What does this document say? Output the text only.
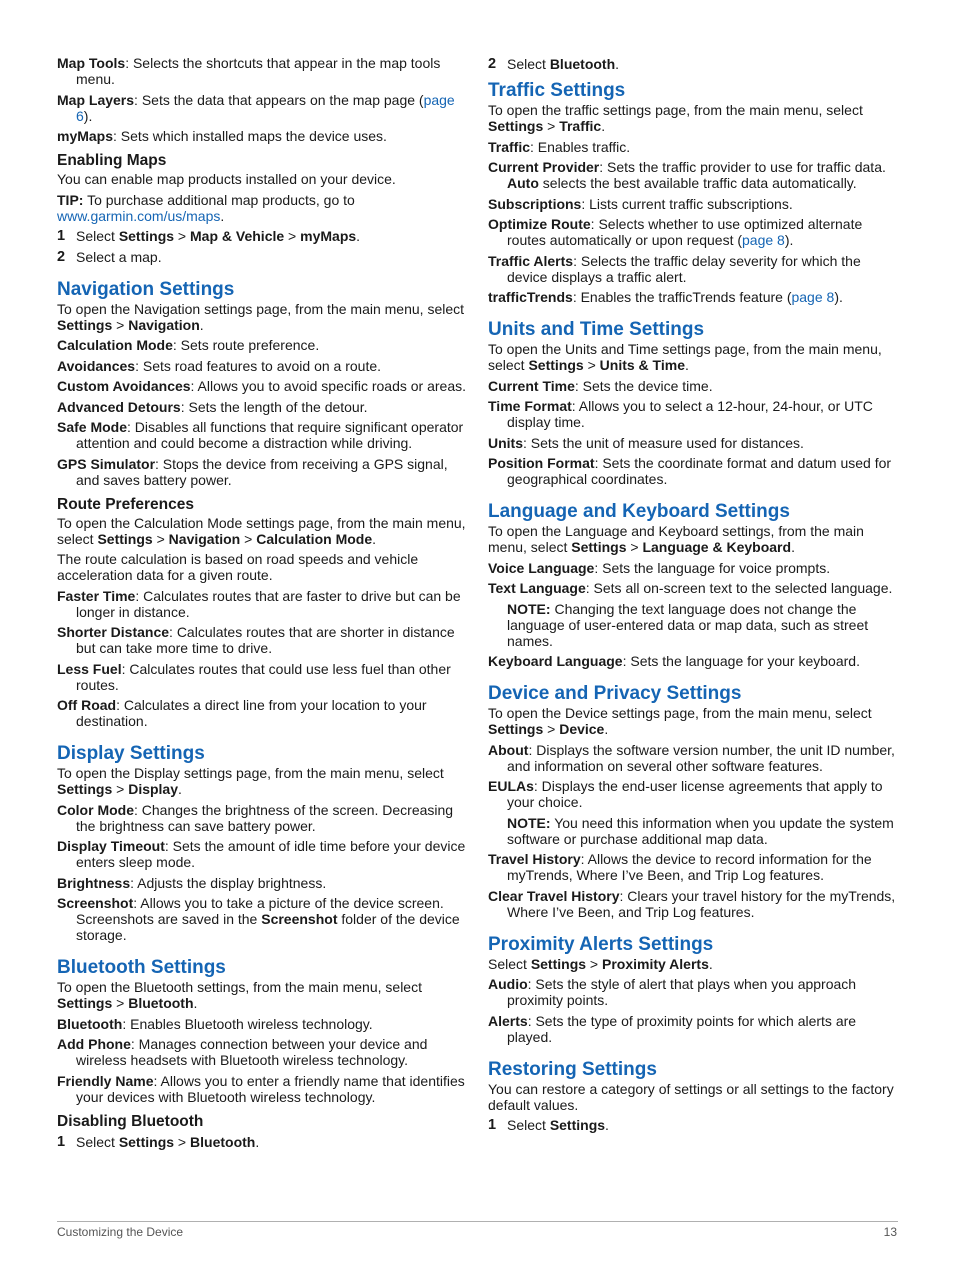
Map Tools: Selects the shortcuts that appear in the map tools menu.

Map Layers: Sets the data that appears on the map page (page 6).

myMaps: Sets which installed maps the device uses.

Enabling Maps

You can enable map products installed on your device.

TIP: To purchase additional map products, go to www.garmin.com/us/maps.

1 Select Settings > Map & Vehicle > myMaps.
2 Select a map.
Navigation Settings

To open the Navigation settings page, from the main menu, select Settings > Navigation.

Calculation Mode: Sets route preference.

Avoidances: Sets road features to avoid on a route.

Custom Avoidances: Allows you to avoid specific roads or areas.

Advanced Detours: Sets the length of the detour.

Safe Mode: Disables all functions that require significant operator attention and could become a distraction while driving.

GPS Simulator: Stops the device from receiving a GPS signal, and saves battery power.

Route Preferences

To open the Calculation Mode settings page, from the main menu, select Settings > Navigation > Calculation Mode.

The route calculation is based on road speeds and vehicle acceleration data for a given route.

Faster Time: Calculates routes that are faster to drive but can be longer in distance.

Shorter Distance: Calculates routes that are shorter in distance but can take more time to drive.

Less Fuel: Calculates routes that could use less fuel than other routes.

Off Road: Calculates a direct line from your location to your destination.

Display Settings

To open the Display settings page, from the main menu, select Settings > Display.

Color Mode: Changes the brightness of the screen. Decreasing the brightness can save battery power.

Display Timeout: Sets the amount of idle time before your device enters sleep mode.

Brightness: Adjusts the display brightness.

Screenshot: Allows you to take a picture of the device screen. Screenshots are saved in the Screenshot folder of the device storage.

Bluetooth Settings

To open the Bluetooth settings, from the main menu, select Settings > Bluetooth.

Bluetooth: Enables Bluetooth wireless technology.

Add Phone: Manages connection between your device and wireless headsets with Bluetooth wireless technology.

Friendly Name: Allows you to enter a friendly name that identifies your devices with Bluetooth wireless technology.

Disabling Bluetooth
1 Select Settings > Bluetooth.
2 Select Bluetooth.
Traffic Settings

To open the traffic settings page, from the main menu, select Settings > Traffic.

Traffic: Enables traffic.

Current Provider: Sets the traffic provider to use for traffic data. Auto selects the best available traffic data automatically.

Subscriptions: Lists current traffic subscriptions.

Optimize Route: Selects whether to use optimized alternate routes automatically or upon request (page 8).

Traffic Alerts: Selects the traffic delay severity for which the device displays a traffic alert.

trafficTrends: Enables the trafficTrends feature (page 8).

Units and Time Settings

To open the Units and Time settings page, from the main menu, select Settings > Units & Time.

Current Time: Sets the device time.

Time Format: Allows you to select a 12-hour, 24-hour, or UTC display time.

Units: Sets the unit of measure used for distances.

Position Format: Sets the coordinate format and datum used for geographical coordinates.

Language and Keyboard Settings

To open the Language and Keyboard settings, from the main menu, select Settings > Language & Keyboard.

Voice Language: Sets the language for voice prompts.

Text Language: Sets all on-screen text to the selected language.

NOTE: Changing the text language does not change the language of user-entered data or map data, such as street names.

Keyboard Language: Sets the language for your keyboard.

Device and Privacy Settings

To open the Device settings page, from the main menu, select Settings > Device.

About: Displays the software version number, the unit ID number, and information on several other software features.

EULAs: Displays the end-user license agreements that apply to your choice.

NOTE: You need this information when you update the system software or purchase additional map data.

Travel History: Allows the device to record information for the myTrends, Where I’ve Been, and Trip Log features.

Clear Travel History: Clears your travel history for the myTrends, Where I’ve Been, and Trip Log features.

Proximity Alerts Settings

Select Settings > Proximity Alerts.

Audio: Sets the style of alert that plays when you approach proximity points.

Alerts: Sets the type of proximity points for which alerts are played.

Restoring Settings

You can restore a category of settings or all settings to the factory default values.

1 Select Settings.
Customizing the Device	13
